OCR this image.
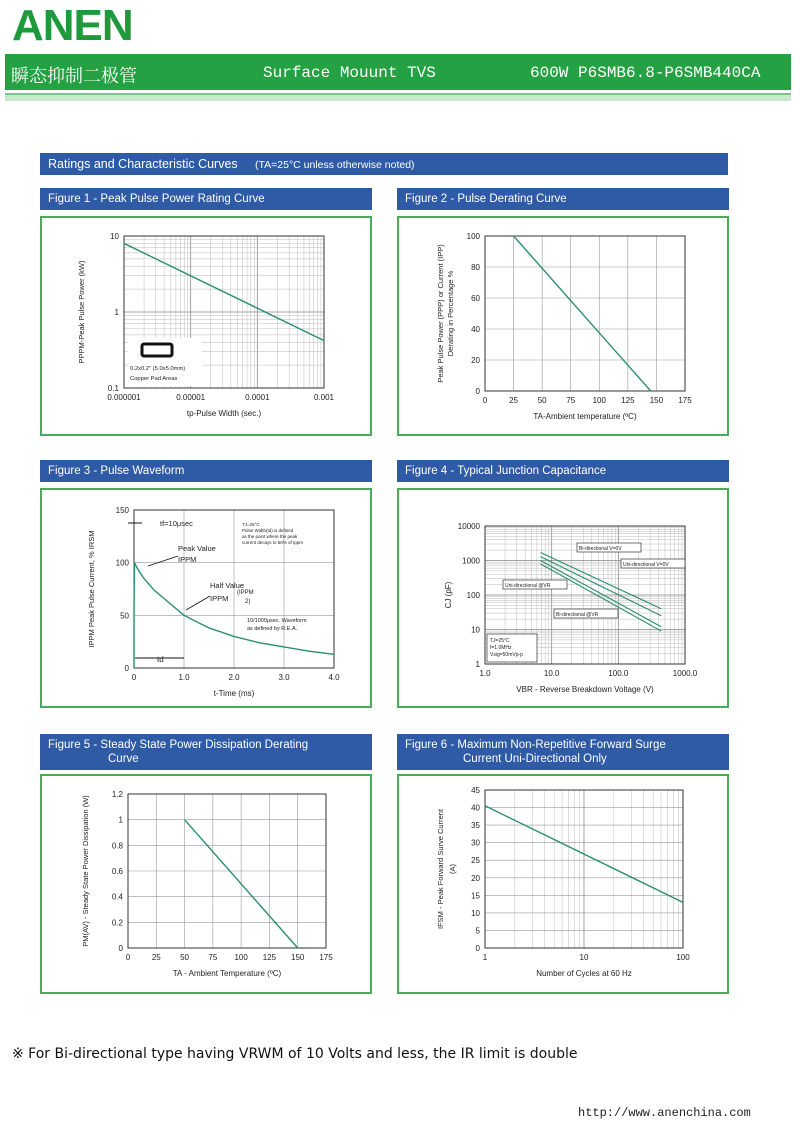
ANEN
瞬态抑制二极管	Surface Mouunt TVS	600W P6SMB6.8-P6SMB440CA
Ratings and Characteristic Curves (TA=25°C unless otherwise noted)
Figure 1 - Peak Pulse Power Rating Curve	Figure 2 - Pulse Derating Curve
Figure 3 - Pulse Waveform	Figure 4 - Typical Junction Capacitance
Figure 5 - Steady State Power Dissipation Derating
Curve
Figure 6 - Maximum Non-Repetitive Forward Surge
Current Uni-Directional Only
0.000001	0.00001	0.0001	0.001
0.1
1
10
tp-Pulse Width (sec.)
PPPM-Peak Pulse Power (kW)
0.2x0.2" (5.0x5.0mm)
Copper Pad Areas
0	25 50 75 100 125 150 175
0
20
40
60
80
100
TA-Ambient temperature (ºC)
Peak Pulse Power (PPP) or Current (IPP) Derating in Percentage %
0	1.0	2.0	3.0	4.0
0
50
100
150
t-Time (ms)
IPPM Peak Pulse Current, % IRSM
tf=10μsec	TJ=25°C
Pulse Width(td) is defined
as the point where the peak
current decays to 50% of Ippm
Peak Value
IPPM
Half Value
IPPM
(IPPM
2)
10/1000μsec. Waveform
as defined by R.E.A.
td
1.0	10.0	100.0	1000.0
1
10
100
1000
10000
VBR - Reverse Breakdown Voltage (V)
CJ (pF)
Bi-directional V=0V
Uni-directional V=0V
Uni-directional @VR
Bi-directional @VR
TJ=25°C
f=1.0MHz
Vsig=50mVp-p
0	25 50 75 100 125 150 175
0
0.2
0.4
0.6
0.8
1
1.2
TA - Ambient Temperature (ºC)
PM(AV) - Steady State Power Dissipation (W)
1	10	100
0
5
10
15
20
25
30
35
40
45
Number of Cycles at 60 Hz
IFSM - Peak Forward Surve Current (A)
※ For Bi-directional type having VRWM of 10 Volts and less, the IR limit is double
http://www.anenchina.com
